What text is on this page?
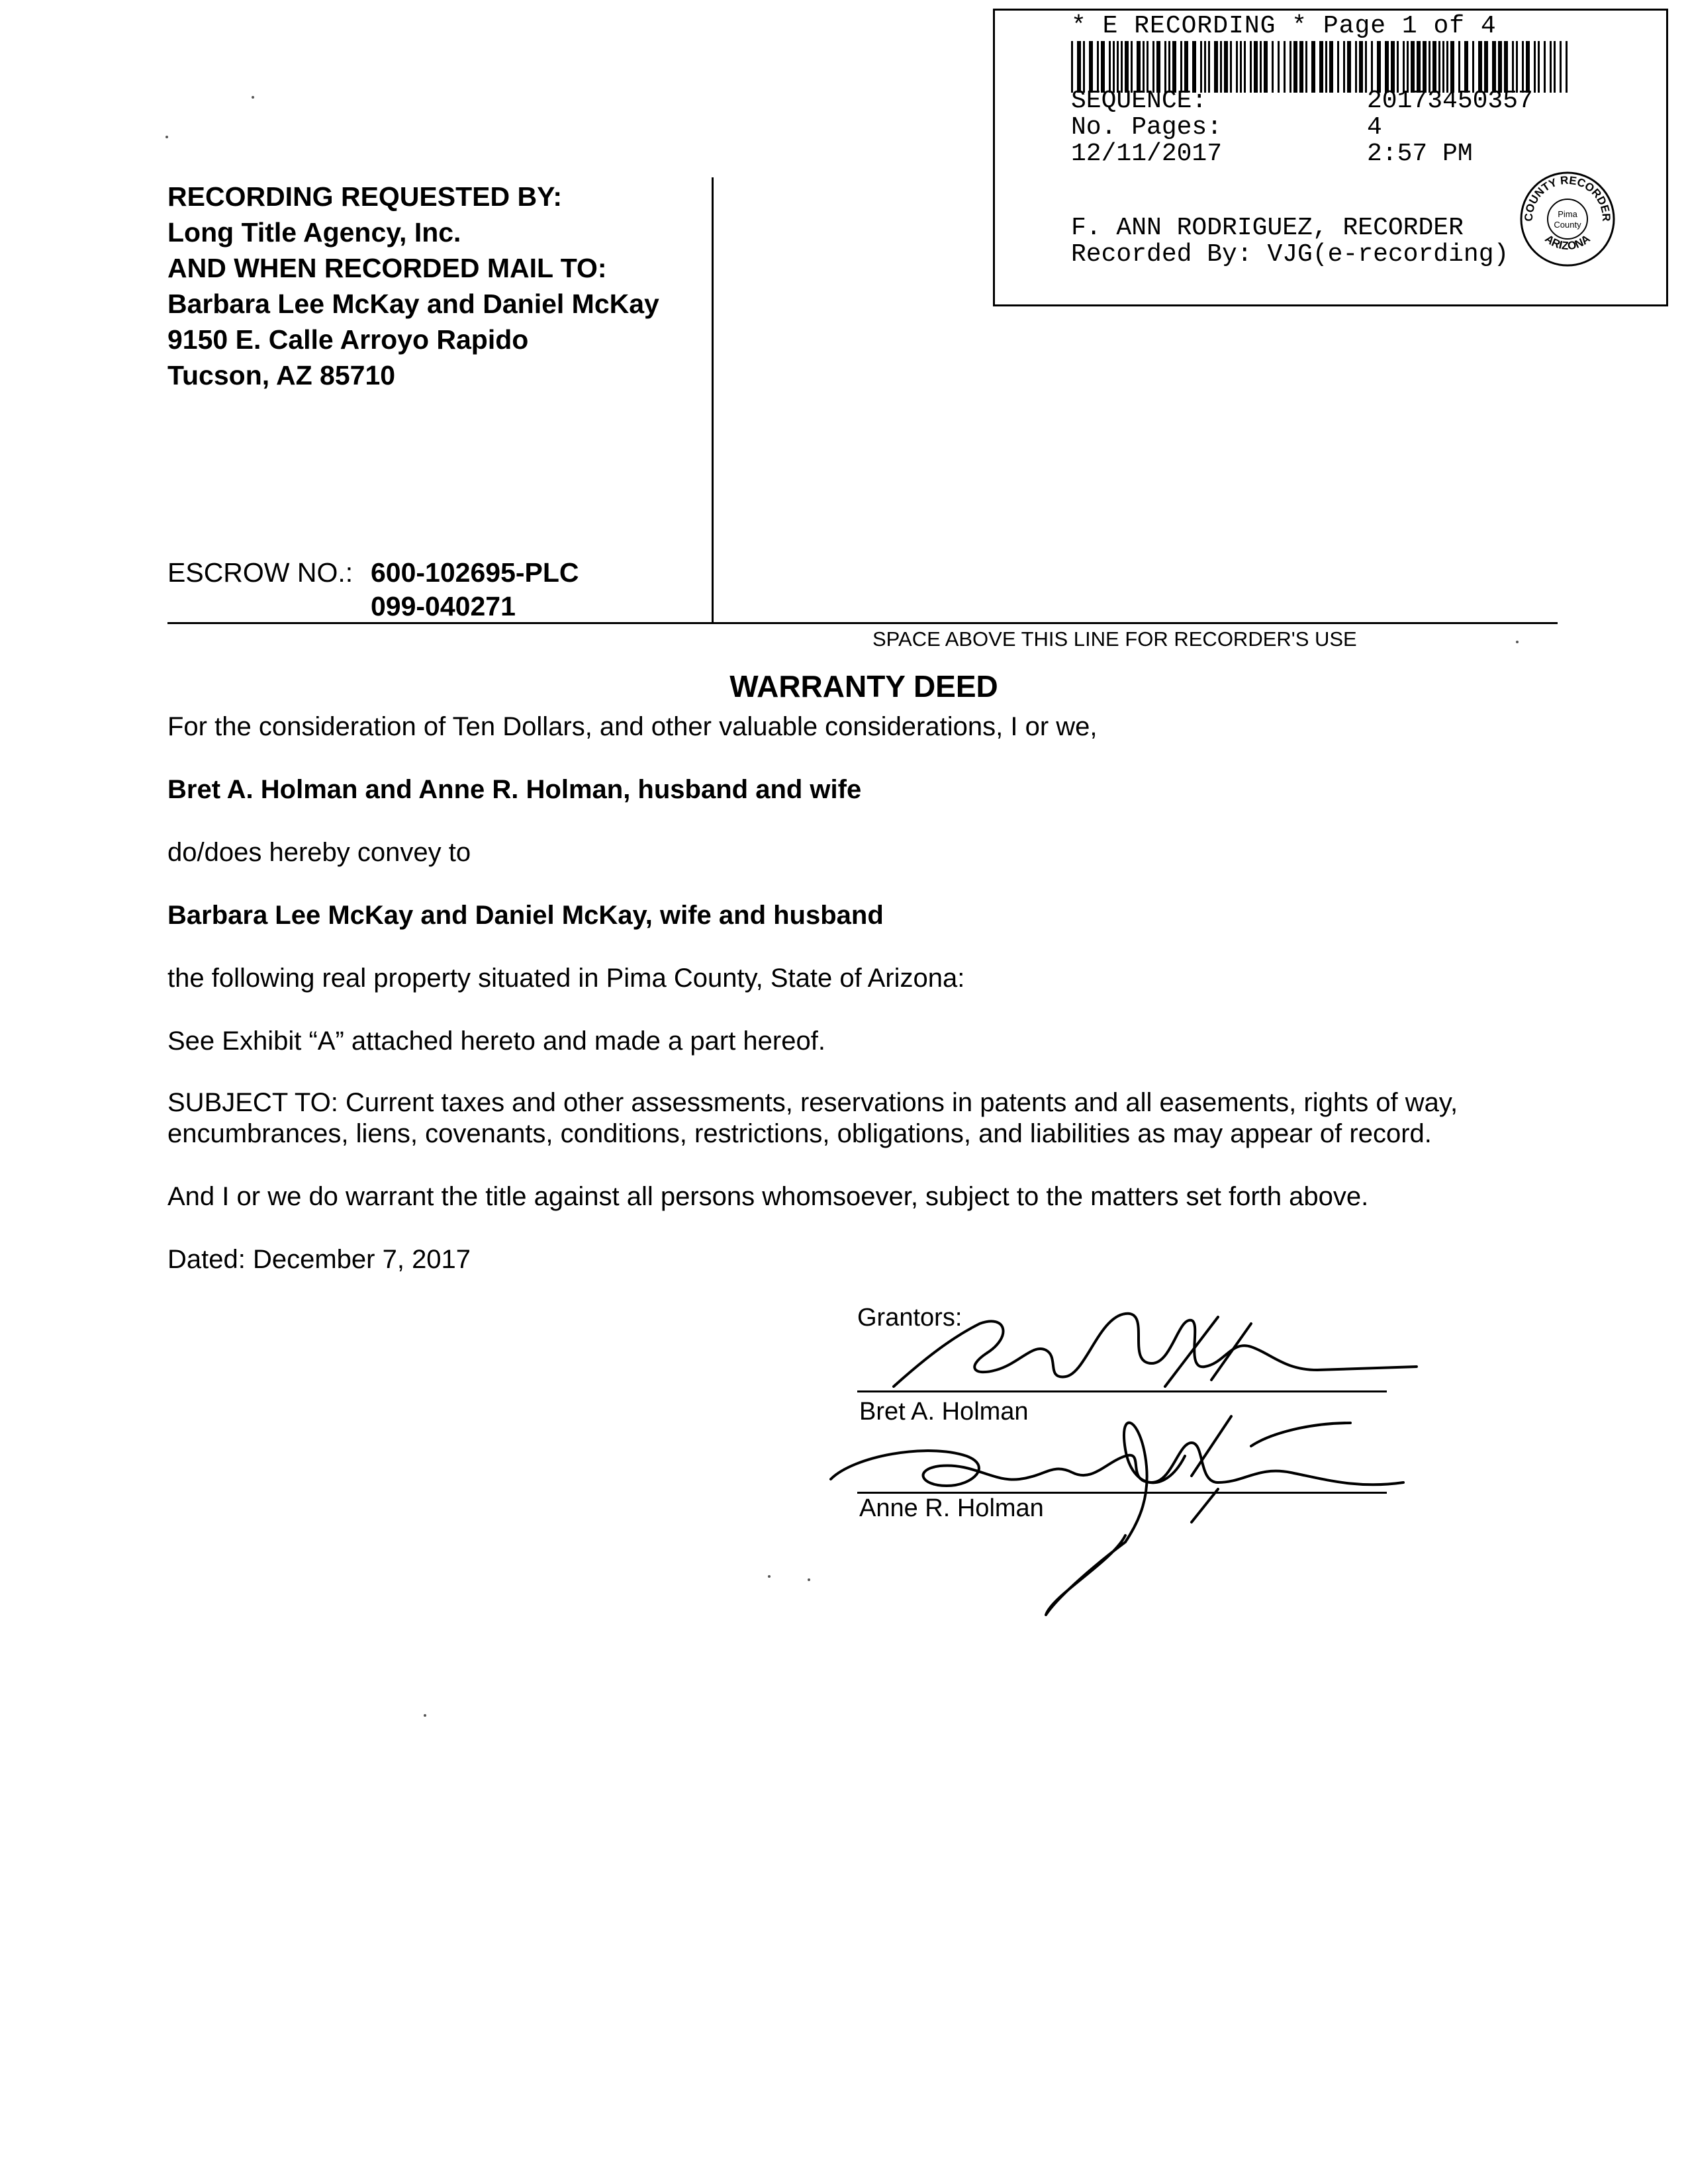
* E RECORDING * Page 1 of 4
SEQUENCE:	20173450357
No. Pages:	4
12/11/2017	2:57 PM
F. ANN RODRIGUEZ, RECORDER
Recorded By: VJG(e-recording)
COUNTY RECORDER
ARIZONA
Pima
County
RECORDING REQUESTED BY:
Long Title Agency, Inc.
AND WHEN RECORDED MAIL TO:
Barbara Lee McKay and Daniel McKay
9150 E. Calle Arroyo Rapido
Tucson, AZ 85710
ESCROW NO.: 600-102695-PLC
099-040271
SPACE ABOVE THIS LINE FOR RECORDER'S USE
WARRANTY DEED
For the consideration of Ten Dollars, and other valuable considerations, I or we,
Bret A. Holman and Anne R. Holman, husband and wife
do/does hereby convey to
Barbara Lee McKay and Daniel McKay, wife and husband
the following real property situated in Pima County, State of Arizona:
See Exhibit “A” attached hereto and made a part hereof.
SUBJECT TO: Current taxes and other assessments, reservations in patents and all easements, rights of way, encumbrances, liens, covenants, conditions, restrictions, obligations, and liabilities as may appear of record.
And I or we do warrant the title against all persons whomsoever, subject to the matters set forth above.
Dated: December 7, 2017
Grantors:
Bret A. Holman
Anne R. Holman
